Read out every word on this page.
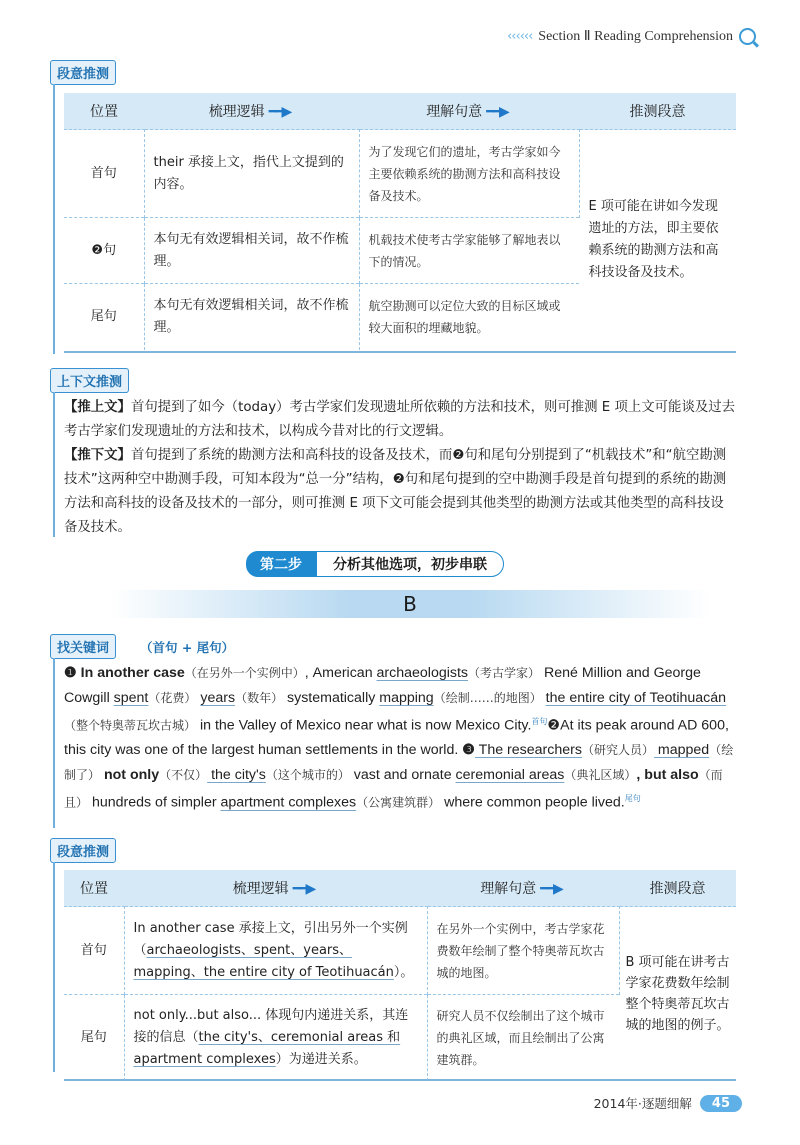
‹‹‹‹‹‹ Section Ⅱ Reading Comprehension
段意推测
位置	梳理逻辑 ━━▶	理解句意 ━━▶	推测段意
首句	their 承接上文，指代上文提到的内容。	为了发现它们的遗址，考古学家如今主要依赖系统的勘测方法和高科技设备及技术。	E 项可能在讲如今发现遗址的方法，即主要依赖系统的勘测方法和高科技设备及技术。
❷句	本句无有效逻辑相关词，故不作梳理。	机载技术使考古学家能够了解地表以下的情况。	
尾句	本句无有效逻辑相关词，故不作梳理。	航空勘测可以定位大致的目标区域或较大面积的埋藏地貌。	
上下文推测

【推上文】首句提到了如今（today）考古学家们发现遗址所依赖的方法和技术，则可推测 E 项上文可能谈及过去考古学家们发现遗址的方法和技术，以构成今昔对比的行文逻辑。

【推下文】首句提到了系统的勘测方法和高科技的设备及技术，而❷句和尾句分别提到了“机载技术”和“航空勘测技术”这两种空中勘测手段，可知本段为“总一分”结构，❷句和尾句提到的空中勘测手段是首句提到的系统的勘测方法和高科技的设备及技术的一部分，则可推测 E 项下文可能会提到其他类型的勘测方法或其他类型的高科技设备及技术。

第二步	分析其他选项，初步串联
B
找关键词	（首句 + 尾句）

❶ In another case（在另外一个实例中）, American archaeologists（考古学家） René Million and George Cowgill spent（花费） years（数年） systematically mapping（绘制……的地图） the entire city of Teotihuacán（整个特奥蒂瓦坎古城） in the Valley of Mexico near what is now Mexico City.$^{首句}$❷At its peak around AD 600, this city was one of the largest human settlements in the world. ❸ The researchers（研究人员） mapped（绘制了） not only（不仅） the city's（这个城市的） vast and ornate ceremonial areas（典礼区域）, but also（而且） hundreds of simpler apartment complexes（公寓建筑群） where common people lived.$^{尾句}$

段意推测
位置	梳理逻辑 ━━▶	理解句意 ━━▶	推测段意
首句	In another case 承接上文，引出另外一个实例（archaeologists、spent、years、mapping、the entire city of Teotihuacán）。	在另外一个实例中，考古学家花费数年绘制了整个特奥蒂瓦坎古城的地图。	B 项可能在讲考古学家花费数年绘制整个特奥蒂瓦坎古城的地图的例子。
尾句	not only...but also... 体现句内递进关系，其连接的信息（the city's、ceremonial areas 和 apartment complexes）为递进关系。	研究人员不仅绘制出了这个城市的典礼区域，而且绘制出了公寓建筑群。	
2014年·逐题细解	45
